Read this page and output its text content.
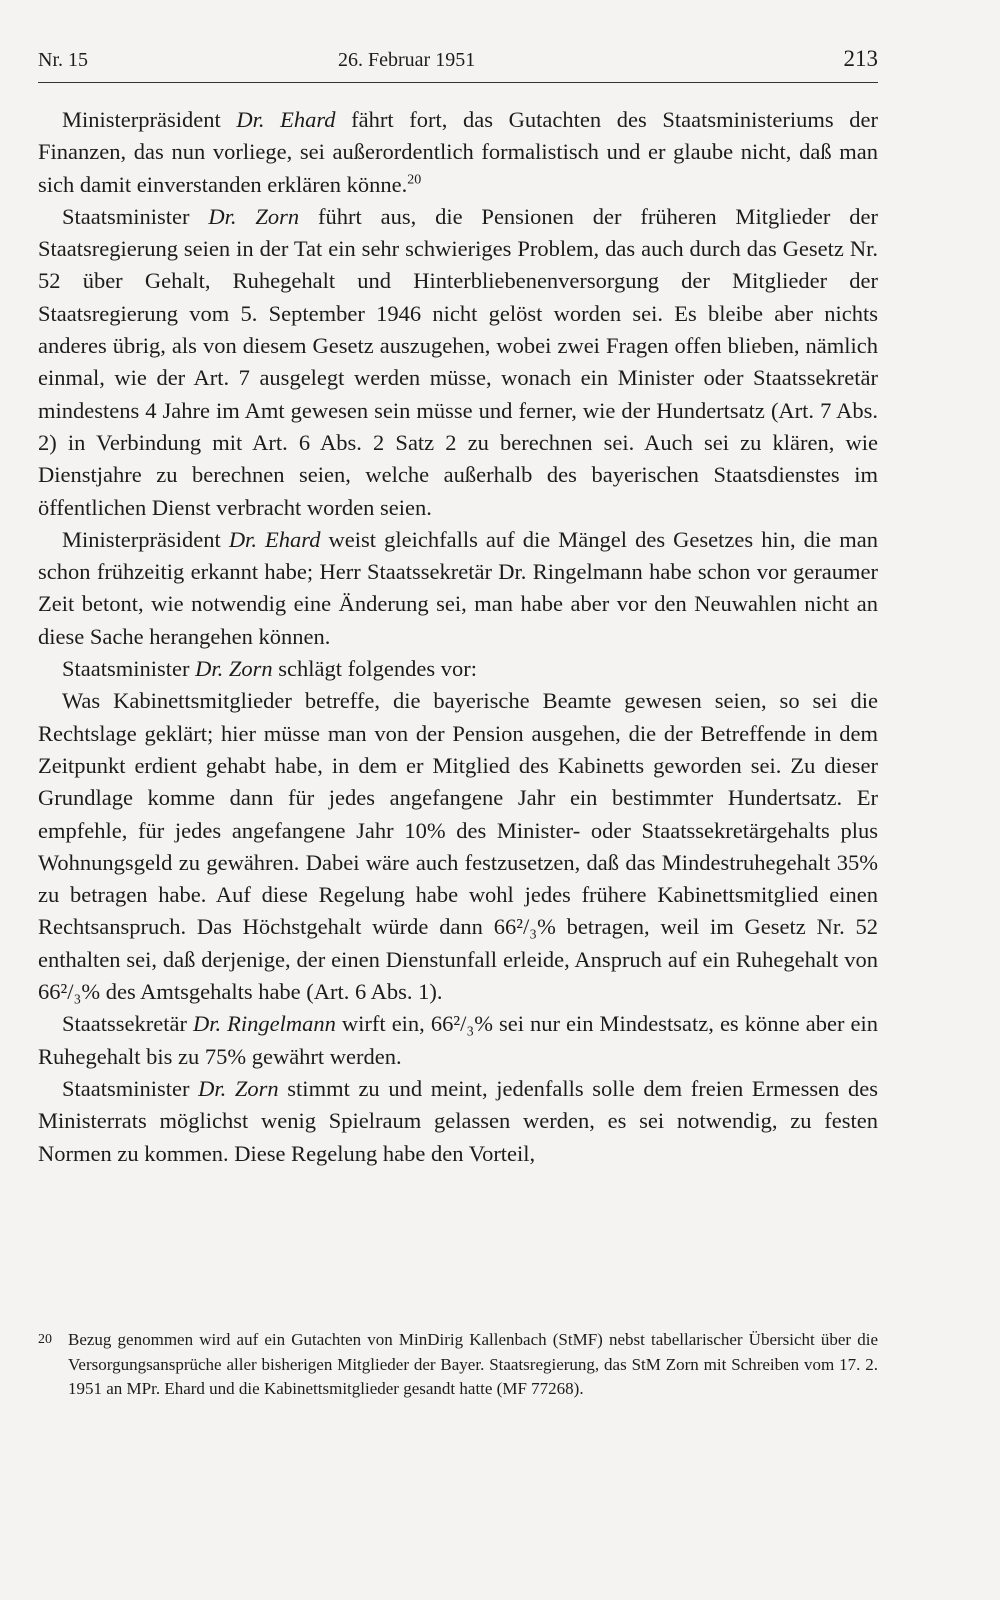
Nr. 15	26. Februar 1951	213

Ministerpräsident Dr. Ehard fährt fort, das Gutachten des Staatsministeriums der Finanzen, das nun vorliege, sei außerordentlich formalistisch und er glaube nicht, daß man sich damit einverstanden erklären könne.$^{20}$

Staatsminister Dr. Zorn führt aus, die Pensionen der früheren Mitglieder der Staatsregierung seien in der Tat ein sehr schwieriges Problem, das auch durch das Gesetz Nr. 52 über Gehalt, Ruhegehalt und Hinterbliebenenversorgung der Mitglieder der Staatsregierung vom 5. September 1946 nicht gelöst worden sei. Es bleibe aber nichts anderes übrig, als von diesem Gesetz auszugehen, wobei zwei Fragen offen blieben, nämlich einmal, wie der Art. 7 ausgelegt werden müsse, wonach ein Minister oder Staatssekretär mindestens 4 Jahre im Amt gewesen sein müsse und ferner, wie der Hundertsatz (Art. 7 Abs. 2) in Verbindung mit Art. 6 Abs. 2 Satz 2 zu berechnen sei. Auch sei zu klären, wie Dienstjahre zu berechnen seien, welche außerhalb des bayerischen Staatsdienstes im öffentlichen Dienst verbracht worden seien.

Ministerpräsident Dr. Ehard weist gleichfalls auf die Mängel des Gesetzes hin, die man schon frühzeitig erkannt habe; Herr Staatssekretär Dr. Ringelmann habe schon vor geraumer Zeit betont, wie notwendig eine Änderung sei, man habe aber vor den Neuwahlen nicht an diese Sache herangehen können.

Staatsminister Dr. Zorn schlägt folgendes vor:

Was Kabinettsmitglieder betreffe, die bayerische Beamte gewesen seien, so sei die Rechtslage geklärt; hier müsse man von der Pension ausgehen, die der Betreffende in dem Zeitpunkt erdient gehabt habe, in dem er Mitglied des Kabinetts geworden sei. Zu dieser Grundlage komme dann für jedes angefangene Jahr ein bestimmter Hundertsatz. Er empfehle, für jedes angefangene Jahr 10% des Minister- oder Staatssekretärgehalts plus Wohnungsgeld zu gewähren. Dabei wäre auch festzusetzen, daß das Mindestruhegehalt 35% zu betragen habe. Auf diese Regelung habe wohl jedes frühere Kabinettsmitglied einen Rechtsanspruch. Das Höchstgehalt würde dann 66²/₃% betragen, weil im Gesetz Nr. 52 enthalten sei, daß derjenige, der einen Dienstunfall erleide, Anspruch auf ein Ruhegehalt von 66²/₃% des Amtsgehalts habe (Art. 6 Abs. 1).

Staatssekretär Dr. Ringelmann wirft ein, 66²/₃% sei nur ein Mindestsatz, es könne aber ein Ruhegehalt bis zu 75% gewährt werden.

Staatsminister Dr. Zorn stimmt zu und meint, jedenfalls solle dem freien Ermessen des Ministerrats möglichst wenig Spielraum gelassen werden, es sei notwendig, zu festen Normen zu kommen. Diese Regelung habe den Vorteil,

20 Bezug genommen wird auf ein Gutachten von MinDirig Kallenbach (StMF) nebst tabellarischer Übersicht über die Versorgungsansprüche aller bisherigen Mitglieder der Bayer. Staatsregierung, das StM Zorn mit Schreiben vom 17. 2. 1951 an MPr. Ehard und die Kabinettsmitglieder gesandt hatte (MF 77268).
